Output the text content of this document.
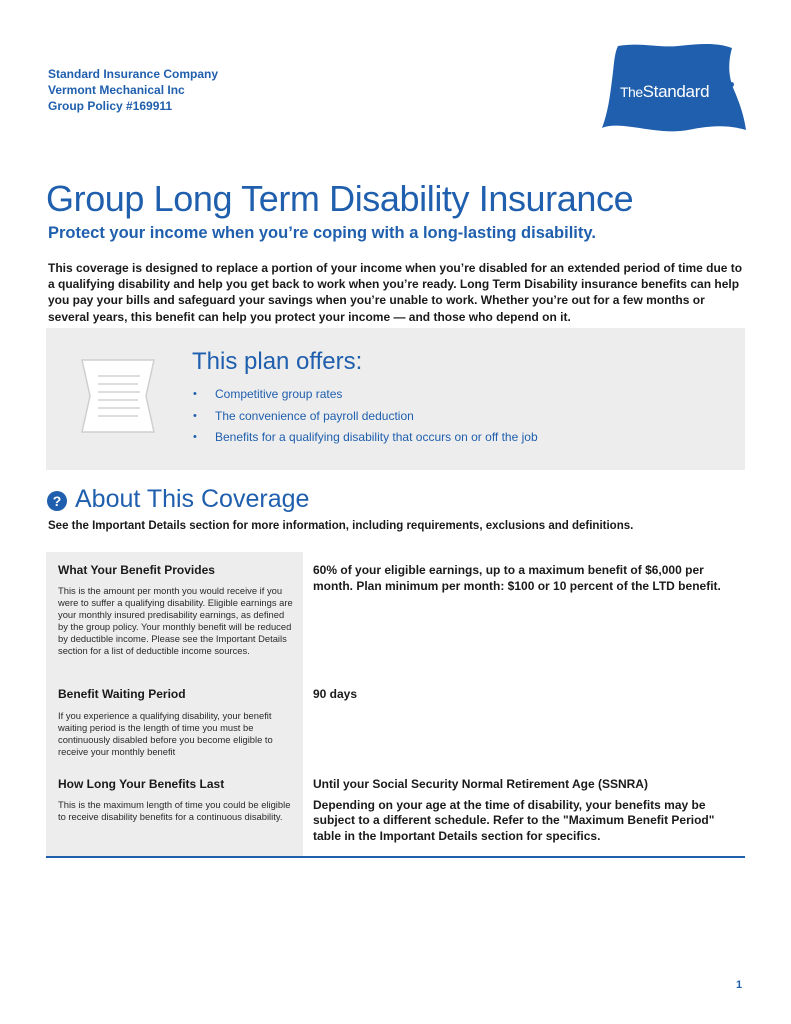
Standard Insurance Company
Vermont Mechanical Inc
Group Policy #169911
TheStandard
Group Long Term Disability Insurance
Protect your income when you’re coping with a long-lasting disability.
This coverage is designed to replace a portion of your income when you’re disabled for an extended period of time due to a qualifying disability and help you get back to work when you’re ready. Long Term Disability insurance benefits can help you pay your bills and safeguard your savings when you’re unable to work. Whether you’re out for a few months or several years, this benefit can help you protect your income — and those who depend on it.
This plan offers:
• Competitive group rates
• The convenience of payroll deduction
• Benefits for a qualifying disability that occurs on or off the job
? About This Coverage
See the Important Details section for more information, including requirements, exclusions and definitions.
What Your Benefit Provides
This is the amount per month you would receive if you were to suffer a qualifying disability. Eligible earnings are your monthly insured predisability earnings, as defined by the group policy. Your monthly benefit will be reduced by deductible income. Please see the Important Details section for a list of deductible income sources.
60% of your eligible earnings, up to a maximum benefit of $6,000 per month. Plan minimum per month: $100 or 10 percent of the LTD benefit.
Benefit Waiting Period
If you experience a qualifying disability, your benefit waiting period is the length of time you must be continuously disabled before you become eligible to receive your monthly benefit
90 days
How Long Your Benefits Last
This is the maximum length of time you could be eligible to receive disability benefits for a continuous disability.

Until your Social Security Normal Retirement Age (SSNRA)

Depending on your age at the time of disability, your benefits may be subject to a different schedule. Refer to the "Maximum Benefit Period" table in the Important Details section for specifics.

1
